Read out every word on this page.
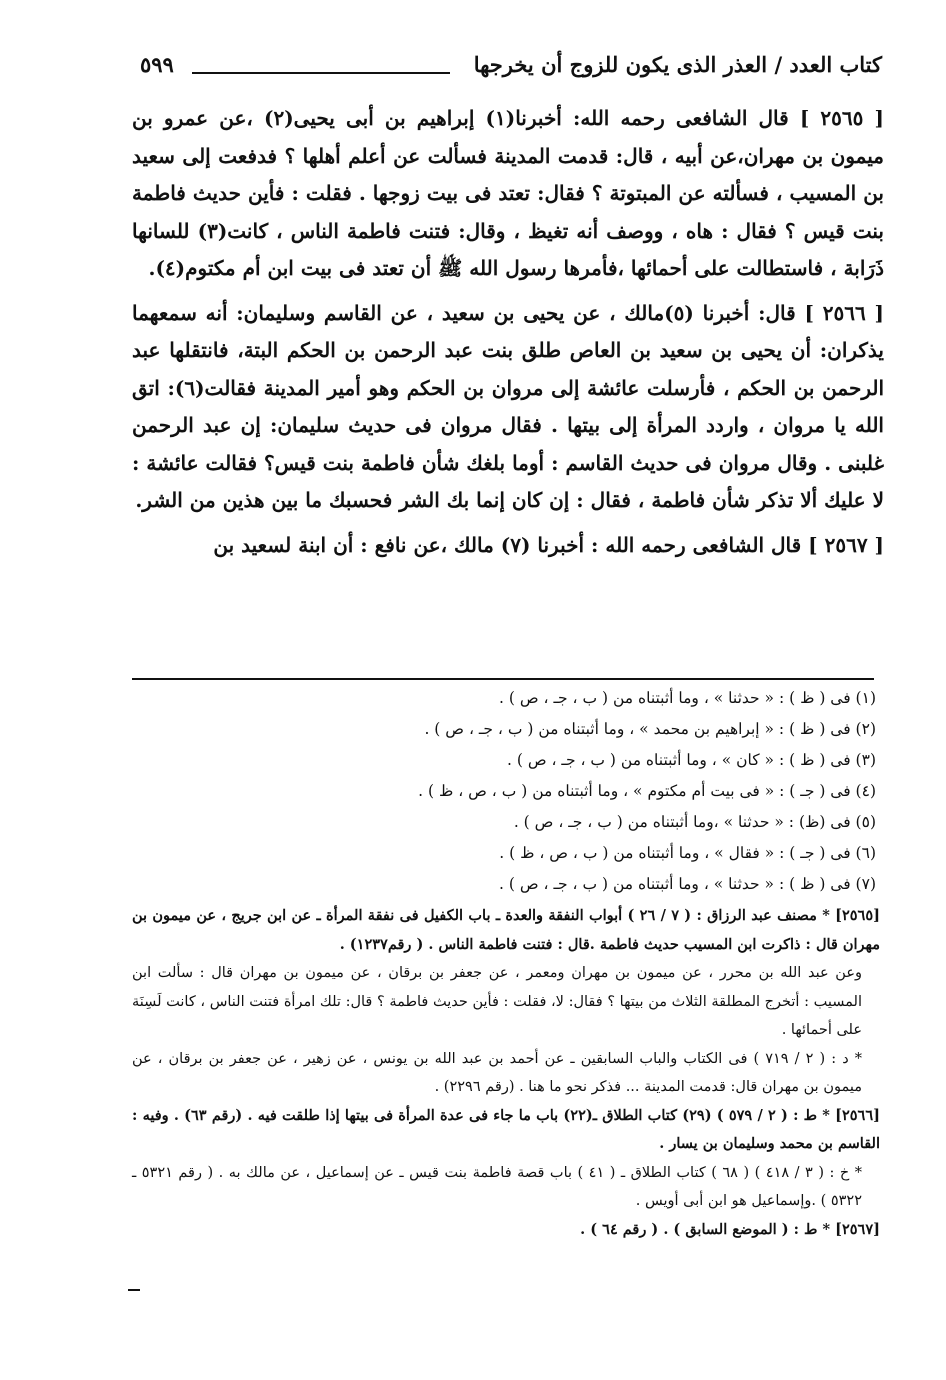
كتاب العدد / العذر الذى يكون للزوج أن يخرجها
٥٩٩

[ ٢٥٦٥ ] قال الشافعى رحمه الله: أخبرنا(١) إبراهيم بن أبى يحيى(٢) ،عن عمرو بن ميمون بن مهران،عن أبيه ، قال: قدمت المدينة فسألت عن أعلم أهلها ؟ فدفعت إلى سعيد بن المسيب ، فسألته عن المبتوتة ؟ فقال: تعتد فى بيت زوجها . فقلت : فأين حديث فاطمة بنت قيس ؟ فقال : هاه ، ووصف أنه تغيظ ، وقال: فتنت فاطمة الناس ، كانت(٣) للسانها ذَرَابة ، فاستطالت على أحمائها ،فأمرها رسول الله ﷺ أن تعتد فى بيت ابن أم مكتوم(٤).

[ ٢٥٦٦ ] قال: أخبرنا (٥)مالك ، عن يحيى بن سعيد ، عن القاسم وسليمان: أنه سمعهما يذكران: أن يحيى بن سعيد بن العاص طلق بنت عبد الرحمن بن الحكم البتة، فانتقلها عبد الرحمن بن الحكم ، فأرسلت عائشة إلى مروان بن الحكم وهو أمير المدينة فقالت(٦): اتق الله يا مروان ، واردد المرأة إلى بيتها . فقال مروان فى حديث سليمان: إن عبد الرحمن غلبنى . وقال مروان فى حديث القاسم : أوما بلغك شأن فاطمة بنت قيس؟ فقالت عائشة : لا عليك ألا تذكر شأن فاطمة ، فقال : إن كان إنما بك الشر فحسبك ما بين هذين من الشر.

[ ٢٥٦٧ ] قال الشافعى رحمه الله : أخبرنا (٧) مالك ،عن نافع : أن ابنة لسعيد بن

(١) فى ( ظ ) : « حدثنا » ، وما أثبتناه من ( ب ، جـ ، ص ) .
(٢) فى ( ظ ) : « إبراهيم بن محمد » ، وما أثبتناه من ( ب ، جـ ، ص ) .
(٣) فى ( ظ ) : « كان » ، وما أثبتناه من ( ب ، جـ ، ص ) .
(٤) فى ( جـ ) : « فى بيت أم مكتوم » ، وما أثبتناه من ( ب ، ص ، ظ ) .
(٥) فى (ظ) : « حدثنا » ،وما أثبتناه من ( ب ، جـ ، ص ) .
(٦) فى ( جـ ) : « فقال » ، وما أثبتناه من ( ب ، ص ، ظ ) .
(٧) فى ( ظ ) : « حدثنا » ، وما أثبتناه من ( ب ، جـ ، ص ) .

[٢٥٦٥] * مصنف عبد الرزاق : ( ٧ / ٢٦ ) أبواب النفقة والعدة ـ باب الكفيل فى نفقة المرأة ـ عن ابن جريج ، عن ميمون بن مهران قال : ذاكرت ابن المسيب حديث فاطمة .قال : فتنت فاطمة الناس . ( رقم١٢٣٧) .

وعن عبد الله بن محرر ، عن ميمون بن مهران ومعمر ، عن جعفر بن برقان ، عن ميمون بن مهران قال : سألت ابن المسيب : أتخرج المطلقة الثلاث من بيتها ؟ فقال: لا، فقلت : فأين حديث فاطمة ؟ قال: تلك امرأة فتنت الناس ، كانت لَسِنَة على أحمائها .

* د : ( ٢ / ٧١٩ ) فى الكتاب والباب السابقين ـ عن أحمد بن عبد الله بن يونس ، عن زهير ، عن جعفر بن برقان ، عن ميمون بن مهران قال: قدمت المدينة ... فذكر نحو ما هنا . (رقم ٢٢٩٦) .

[٢٥٦٦] * ط : ( ٢ / ٥٧٩ ) (٢٩) كتاب الطلاق ـ(٢٢) باب ما جاء فى عدة المرأة فى بيتها إذا طلقت فيه . (رقم ٦٣) . وفيه : القاسم بن محمد وسليمان بن يسار .

* خ : ( ٣ / ٤١٨ ) ( ٦٨ ) كتاب الطلاق ـ ( ٤١ ) باب قصة فاطمة بنت قيس ـ عن إسماعيل ، عن مالك به . ( رقم ٥٣٢١ ـ ٥٣٢٢ ) .وإسماعيل هو ابن أبى أويس .

[٢٥٦٧] * ط : ( الموضع السابق ) . ( رقم ٦٤ ) .
